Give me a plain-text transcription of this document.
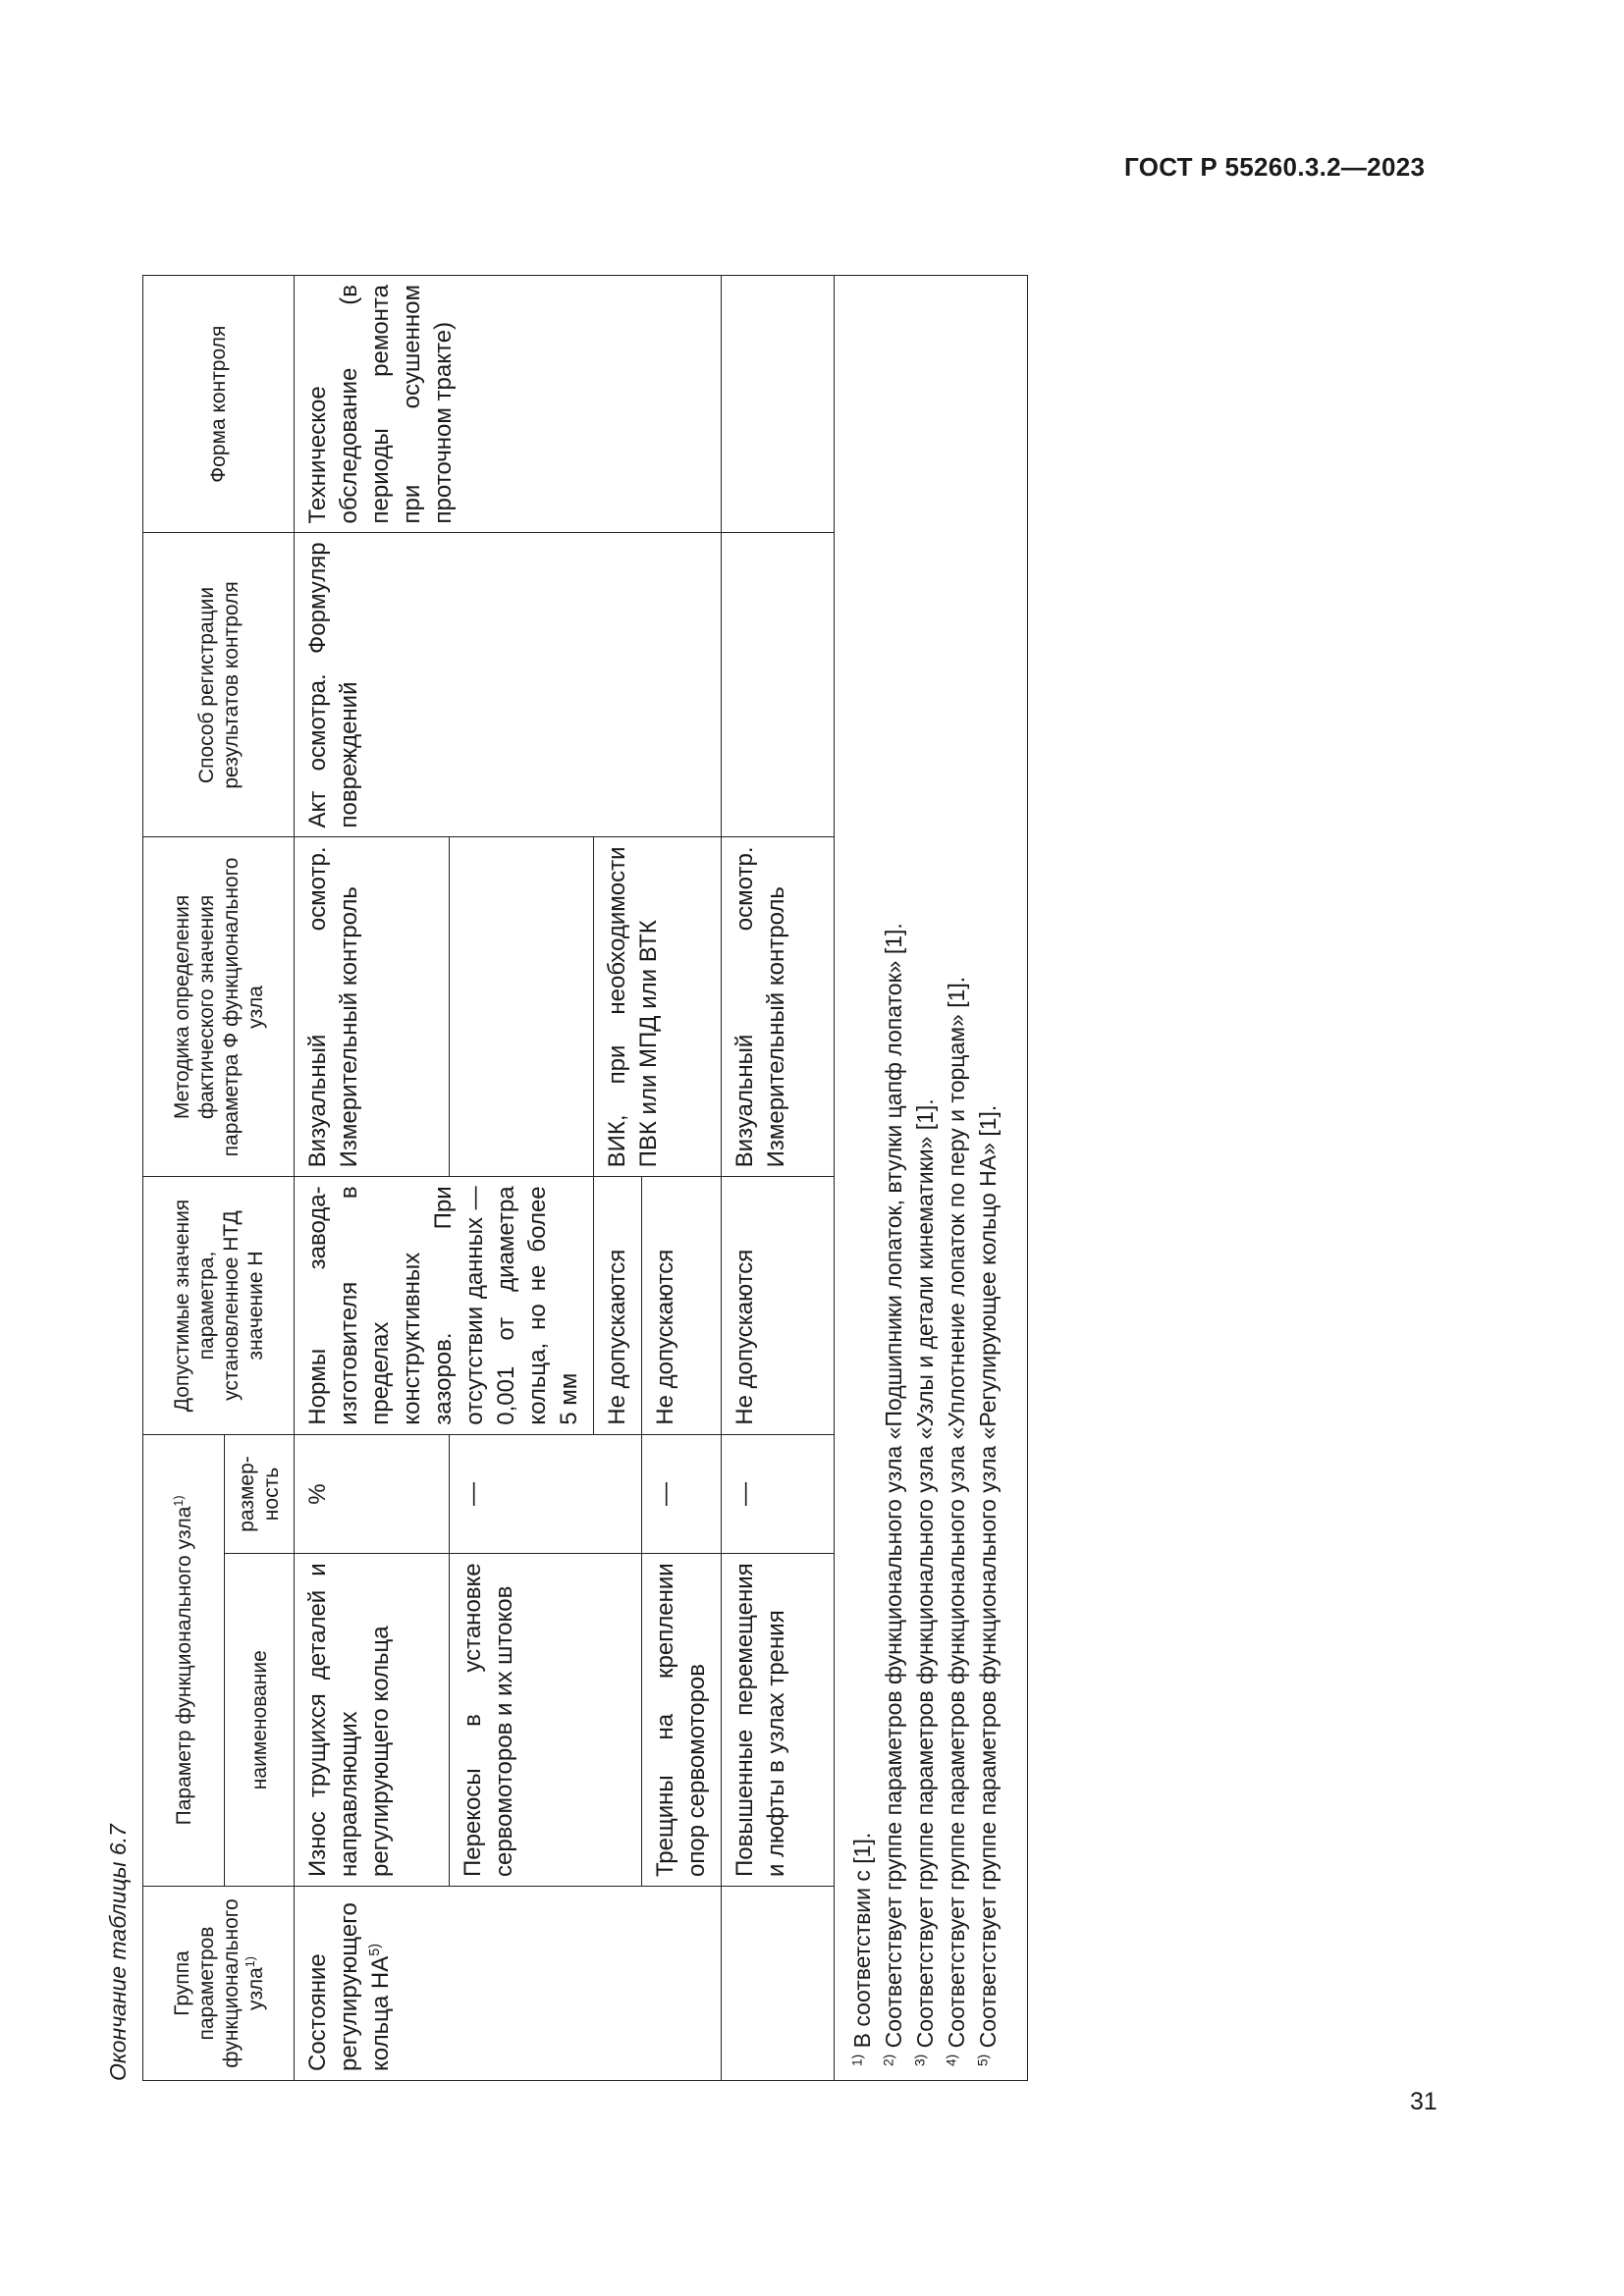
ГОСТ Р 55260.3.2—2023
31
Окончание таблицы 6.7 Группа параметров функционального узла$^{1)}$	Параметр функционального узла$^{1)}$		Допустимые значения параметра, установленное НТД значение Н	Методика определения фактического значения параметра Ф функционального узла	Способ регистрации результатов контроля	Форма контроля
	наименование	размер-ность				
Состояние регулирующего кольца НА$^{5)}$	Износ трущихся деталей и направляющих регулирующего кольца	%	Нормы завода-изготовителя в пределах конструктивных зазоров. При отсутствии данных — 0,001 от диаметра кольца, но не более 5 мм	Визуальный осмотр. Измерительный контроль	Акт осмотра. Формуляр повреждений	Техническое обследование (в периоды ремонта при осушенном проточном тракте)
	Перекосы в установке сервомоторов и их штоков	—				
			Не допускаются	ВИК, при необходимости ПВК или МПД или ВТК		
	Трещины на креплении опор сервомоторов	—	Не допускаются			
	Повышенные перемещения и люфты в узлах трения	—	Не допускаются	Визуальный осмотр. Измерительный контроль		

$^{1)}$ В соответствии с [1].
$^{2)}$ Соответствует группе параметров функционального узла «Подшипники лопаток, втулки цапф лопаток» [1].
$^{3)}$ Соответствует группе параметров функционального узла «Узлы и детали кинематики» [1].
$^{4)}$ Соответствует группе параметров функционального узла «Уплотнение лопаток по перу и торцам» [1].
$^{5)}$ Соответствует группе параметров функционального узла «Регулирующее кольцо НА» [1].						
